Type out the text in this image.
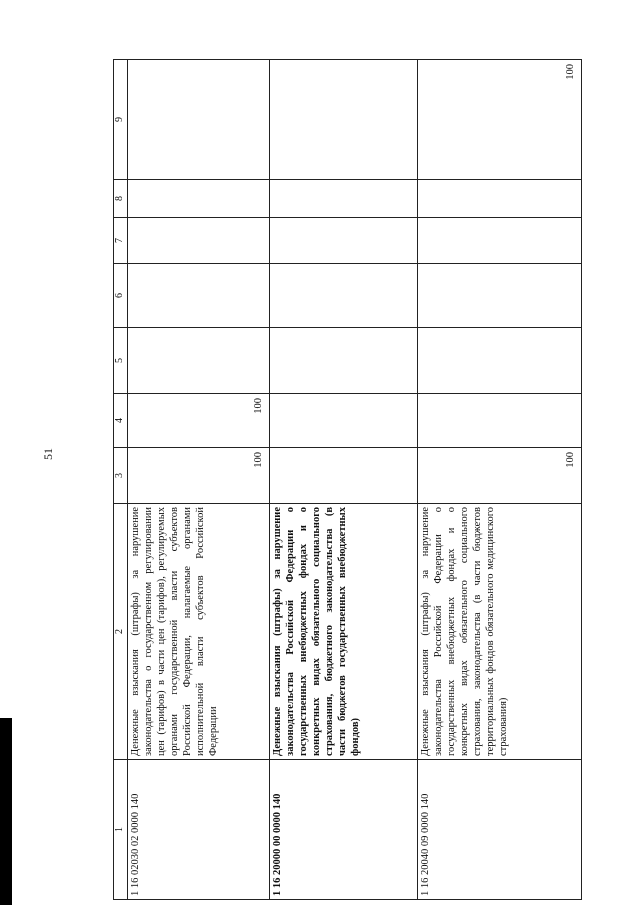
51
1	2	3	4	5	6	7	8	9
1 16 02030 02 0000 140	Денежные взыскания (штрафы) за нарушение законодательства о государственном регулировании цен (тарифов) в части цен (тарифов), регулируемых органами государственной власти субъектов Российской Федерации, налагаемые органами исполнительной власти субъектов Российской Федерации	100	100					
1 16 20000 00 0000 140	Денежные взыскания (штрафы) за нарушение законодательства Российской Федерации о государственных внебюджетных фондах и о конкретных видах обязательного социального страхования, бюджетного законодательства (в части бюджетов государственных внебюджетных фондов)							
1 16 20040 09 0000 140	Денежные взыскания (штрафы) за нарушение законодательства Российской Федерации о государственных внебюджетных фондах и о конкретных видах обязательного социального страхования, законодательства (в части бюджетов территориальных фондов обязательного медицинского страхования)	100						100
